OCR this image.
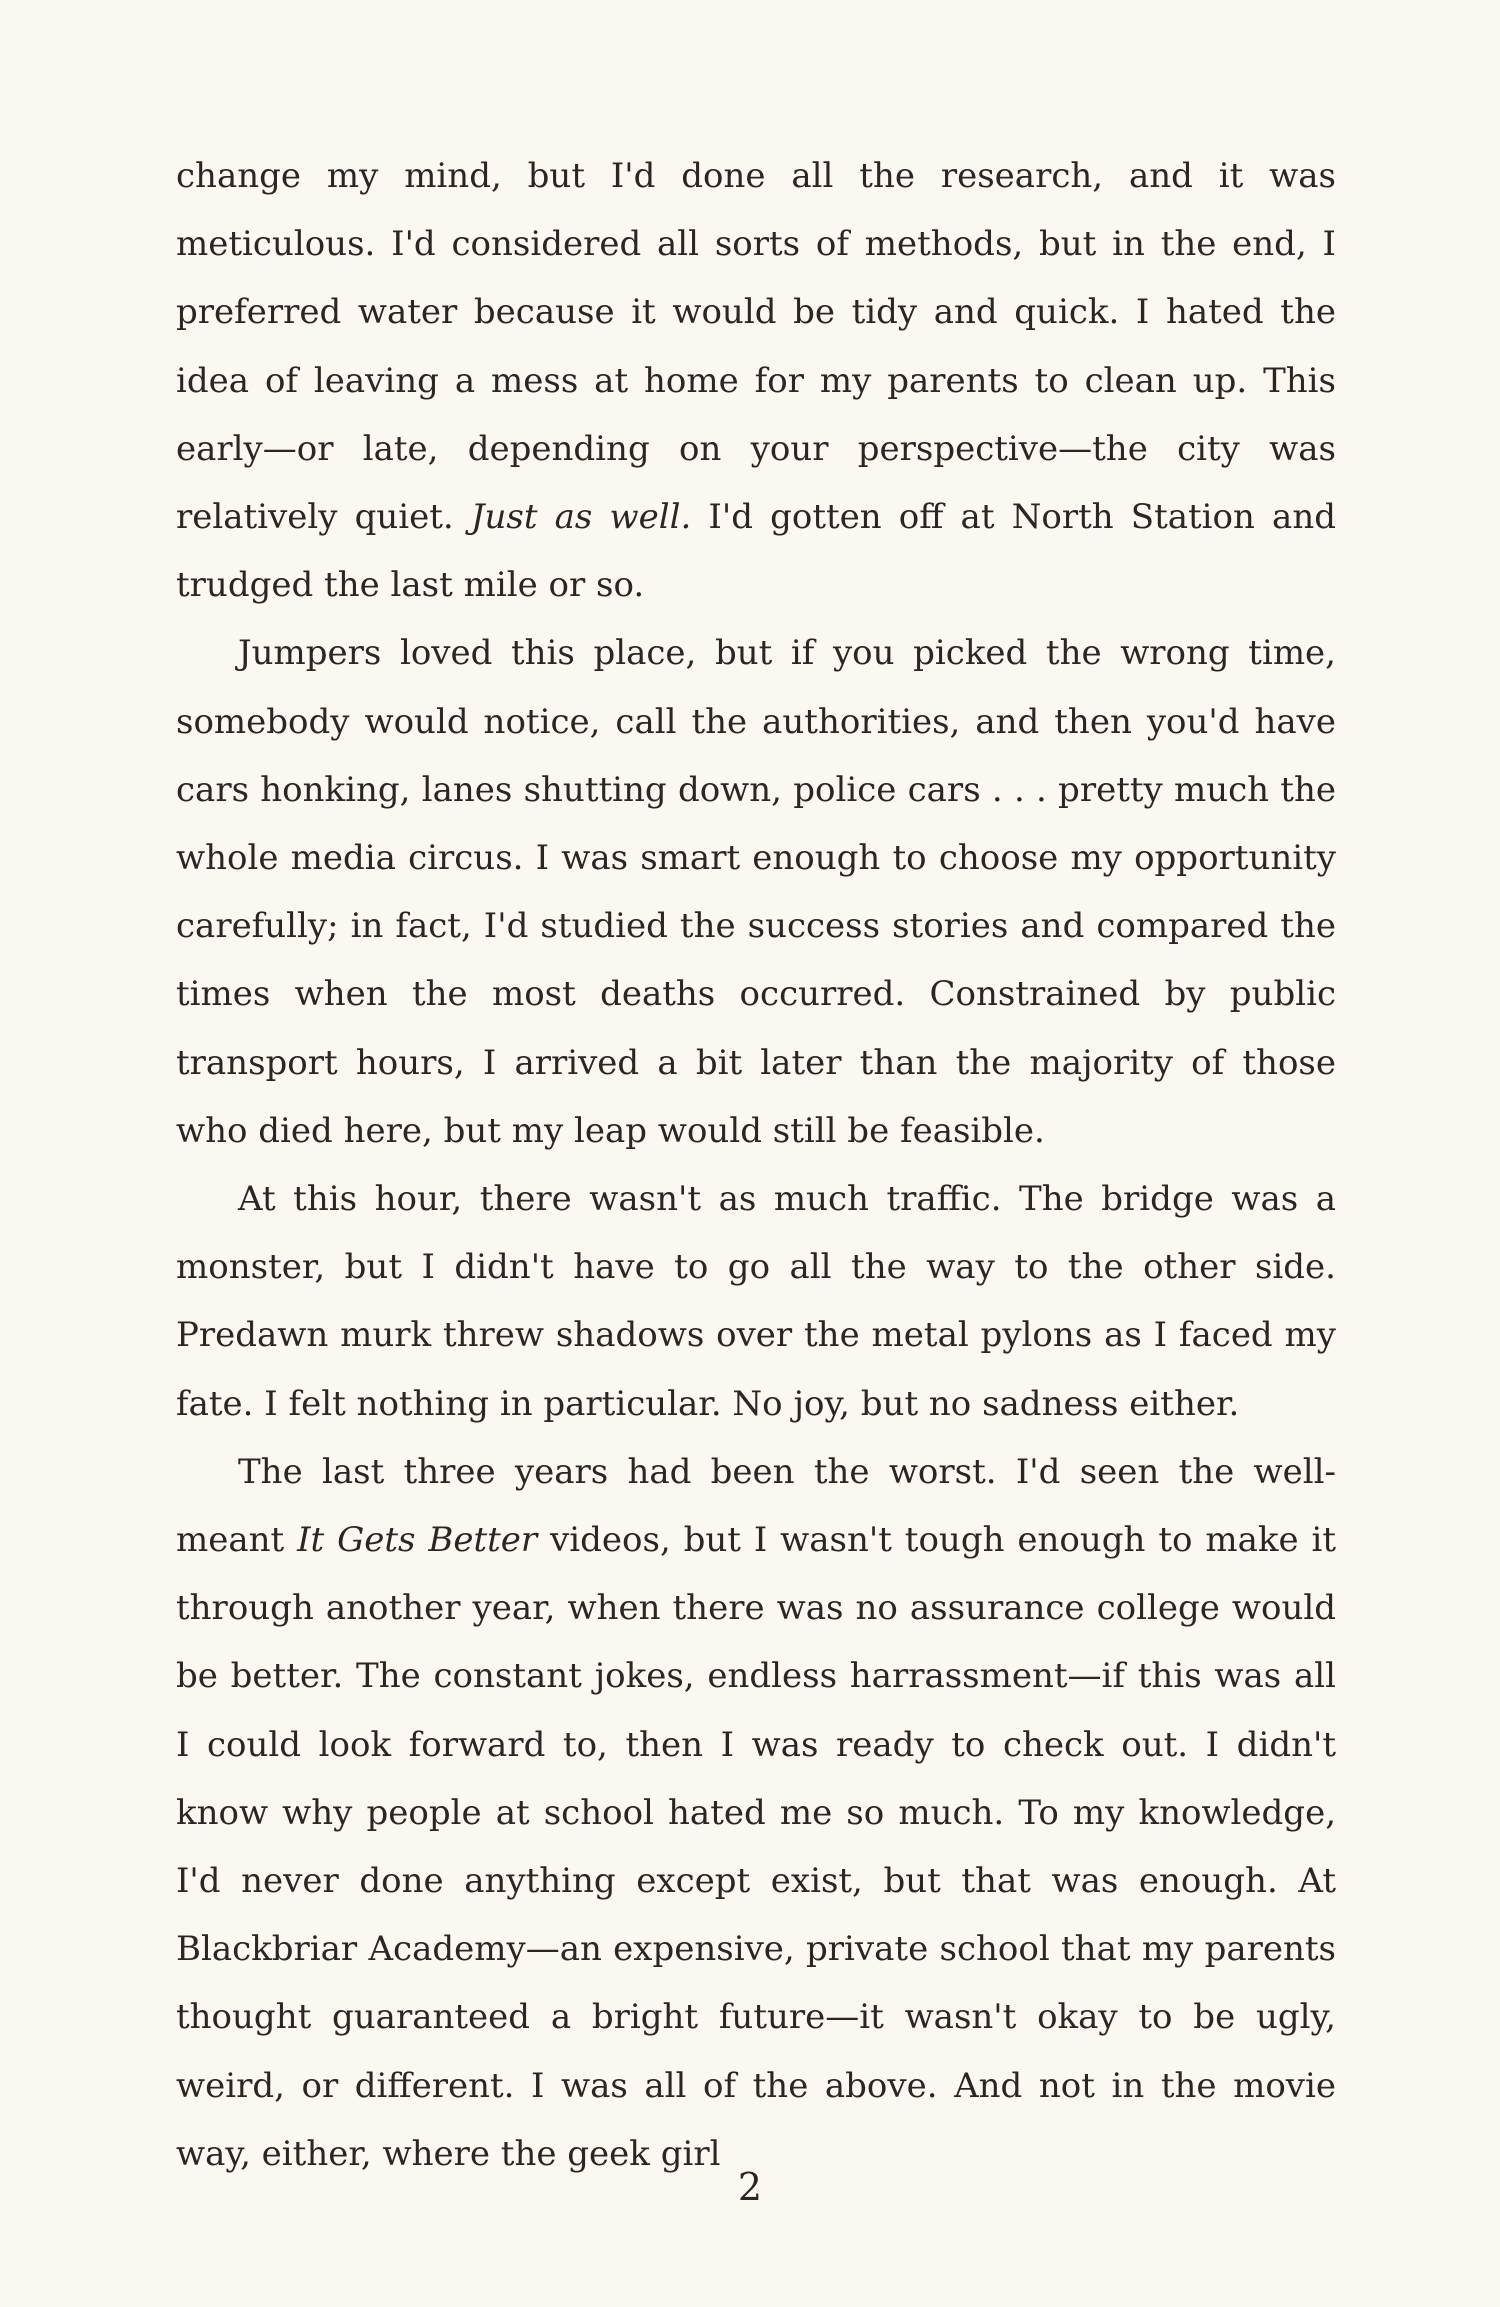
change my mind, but I'd done all the research, and it was meticulous. I'd considered all sorts of methods, but in the end, I preferred water because it would be tidy and quick. I hated the idea of leaving a mess at home for my parents to clean up. This early—or late, depending on your perspective—the city was relatively quiet. Just as well. I'd gotten off at North Station and trudged the last mile or so.

Jumpers loved this place, but if you picked the wrong time, somebody would notice, call the authorities, and then you'd have cars honking, lanes shutting down, police cars . . . pretty much the whole media circus. I was smart enough to choose my opportunity carefully; in fact, I'd studied the success stories and compared the times when the most deaths occurred. Constrained by public transport hours, I arrived a bit later than the majority of those who died here, but my leap would still be feasible.

At this hour, there wasn't as much traffic. The bridge was a monster, but I didn't have to go all the way to the other side. Predawn murk threw shadows over the metal pylons as I faced my fate. I felt nothing in particular. No joy, but no sadness either.

The last three years had been the worst. I'd seen the well-meant It Gets Better videos, but I wasn't tough enough to make it through another year, when there was no assurance college would be better. The constant jokes, endless harrassment—if this was all I could look forward to, then I was ready to check out. I didn't know why people at school hated me so much. To my knowledge, I'd never done anything except exist, but that was enough. At Blackbriar Academy—an expensive, private school that my parents thought guaranteed a bright future—it wasn't okay to be ugly, weird, or different. I was all of the above. And not in the movie way, either, where the geek girl

2
